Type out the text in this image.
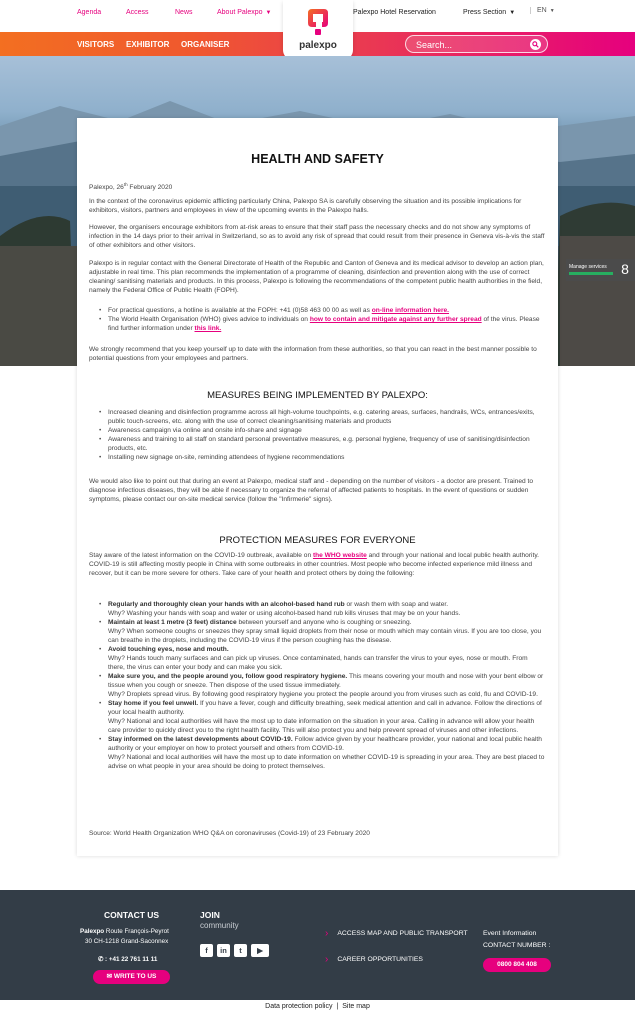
Agenda	Access	News	About Palexpo ▼	Palexpo Hotel Reservation	Press Section ▼	EN ▼
VISITORS EXHIBITOR ORGANISER
Search...	palexpo
Manage services	8
HEALTH AND SAFETY
Palexpo, 26th February 2020
In the context of the coronavirus epidemic afflicting particularly China, Palexpo SA is carefully observing the situation and its possible implications for exhibitors, visitors, partners and employees in view of the upcoming events in the Palexpo halls.
However, the organisers encourage exhibitors from at-risk areas to ensure that their staff pass the necessary checks and do not show any symptoms of infection in the 14 days prior to their arrival in Switzerland, so as to avoid any risk of spread that could result from their presence in Geneva vis-à-vis the staff of other exhibitors and other visitors.
Palexpo is in regular contact with the General Directorate of Health of the Republic and Canton of Geneva and its medical advisor to develop an action plan, adjustable in real time. This plan recommends the implementation of a programme of cleaning, disinfection and prevention along with the use of correct cleaning/ sanitising materials and products. In this process, Palexpo is following the recommendations of the competent public health authorities in the field, namely the Federal Office of Public Health (FOPH).
• For practical questions, a hotline is available at the FOPH: +41 (0)58 463 00 00 as well as on-line information here.
• The World Health Organisation (WHO) gives advice to individuals on how to contain and mitigate against any further spread of the virus. Please find further information under this link.
We strongly recommend that you keep yourself up to date with the information from these authorities, so that you can react in the best manner possible to potential questions from your employees and partners.
MEASURES BEING IMPLEMENTED BY PALEXPO:
• Increased cleaning and disinfection programme across all high-volume touchpoints, e.g. catering areas, surfaces, handrails, WCs, entrances/exits, public touch-screens, etc. along with the use of correct cleaning/sanitising materials and products
• Awareness campaign via online and onsite info-share and signage
• Awareness and training to all staff on standard personal preventative measures, e.g. personal hygiene, frequency of use of sanitising/disinfection products, etc.
• Installing new signage on-site, reminding attendees of hygiene recommendations
We would also like to point out that during an event at Palexpo, medical staff and - depending on the number of visitors - a doctor are present. Trained to diagnose infectious diseases, they will be able if necessary to organize the referral of affected patients to hospitals. In the event of questions or sudden symptoms, please contact our on-site medical service (follow the "Infirmerie" signs).
PROTECTION MEASURES FOR EVERYONE
Stay aware of the latest information on the COVID-19 outbreak, available on the WHO website and through your national and local public health authority. COVID-19 is still affecting mostly people in China with some outbreaks in other countries. Most people who become infected experience mild illness and recover, but it can be more severe for others. Take care of your health and protect others by doing the following:
• Regularly and thoroughly clean your hands with an alcohol-based hand rub or wash them with soap and water.
Why? Washing your hands with soap and water or using alcohol-based hand rub kills viruses that may be on your hands.
• Maintain at least 1 metre (3 feet) distance between yourself and anyone who is coughing or sneezing.
Why? When someone coughs or sneezes they spray small liquid droplets from their nose or mouth which may contain virus. If you are too close, you can breathe in the droplets, including the COVID-19 virus if the person coughing has the disease.
• Avoid touching eyes, nose and mouth.
Why? Hands touch many surfaces and can pick up viruses. Once contaminated, hands can transfer the virus to your eyes, nose or mouth. From there, the virus can enter your body and can make you sick.
• Make sure you, and the people around you, follow good respiratory hygiene. This means covering your mouth and nose with your bent elbow or tissue when you cough or sneeze. Then dispose of the used tissue immediately.
Why? Droplets spread virus. By following good respiratory hygiene you protect the people around you from viruses such as cold, flu and COVID-19.
• Stay home if you feel unwell. If you have a fever, cough and difficulty breathing, seek medical attention and call in advance. Follow the directions of your local health authority.
Why? National and local authorities will have the most up to date information on the situation in your area. Calling in advance will allow your health care provider to quickly direct you to the right health facility. This will also protect you and help prevent spread of viruses and other infections.
• Stay informed on the latest developments about COVID-19. Follow advice given by your healthcare provider, your national and local public health authority or your employer on how to protect yourself and others from COVID-19.
Why? National and local authorities will have the most up to date information on whether COVID-19 is spreading in your area. They are best placed to advise on what people in your area should be doing to protect themselves.
Source: World Health Organization WHO Q&A on coronaviruses (Covid-19) of 23 February 2020
CONTACT US
Palexpo Route François-Peyrot
30 CH-1218 Grand-Saconnex
✆ : +41 22 761 11 11
✉ WRITE TO US
JOIN
community
f	in	t	▶
› ACCESS MAP AND PUBLIC TRANSPORT
› CAREER OPPORTUNITIES
Event Information
CONTACT NUMBER :
0800 804 408
Data protection policy | Site map
